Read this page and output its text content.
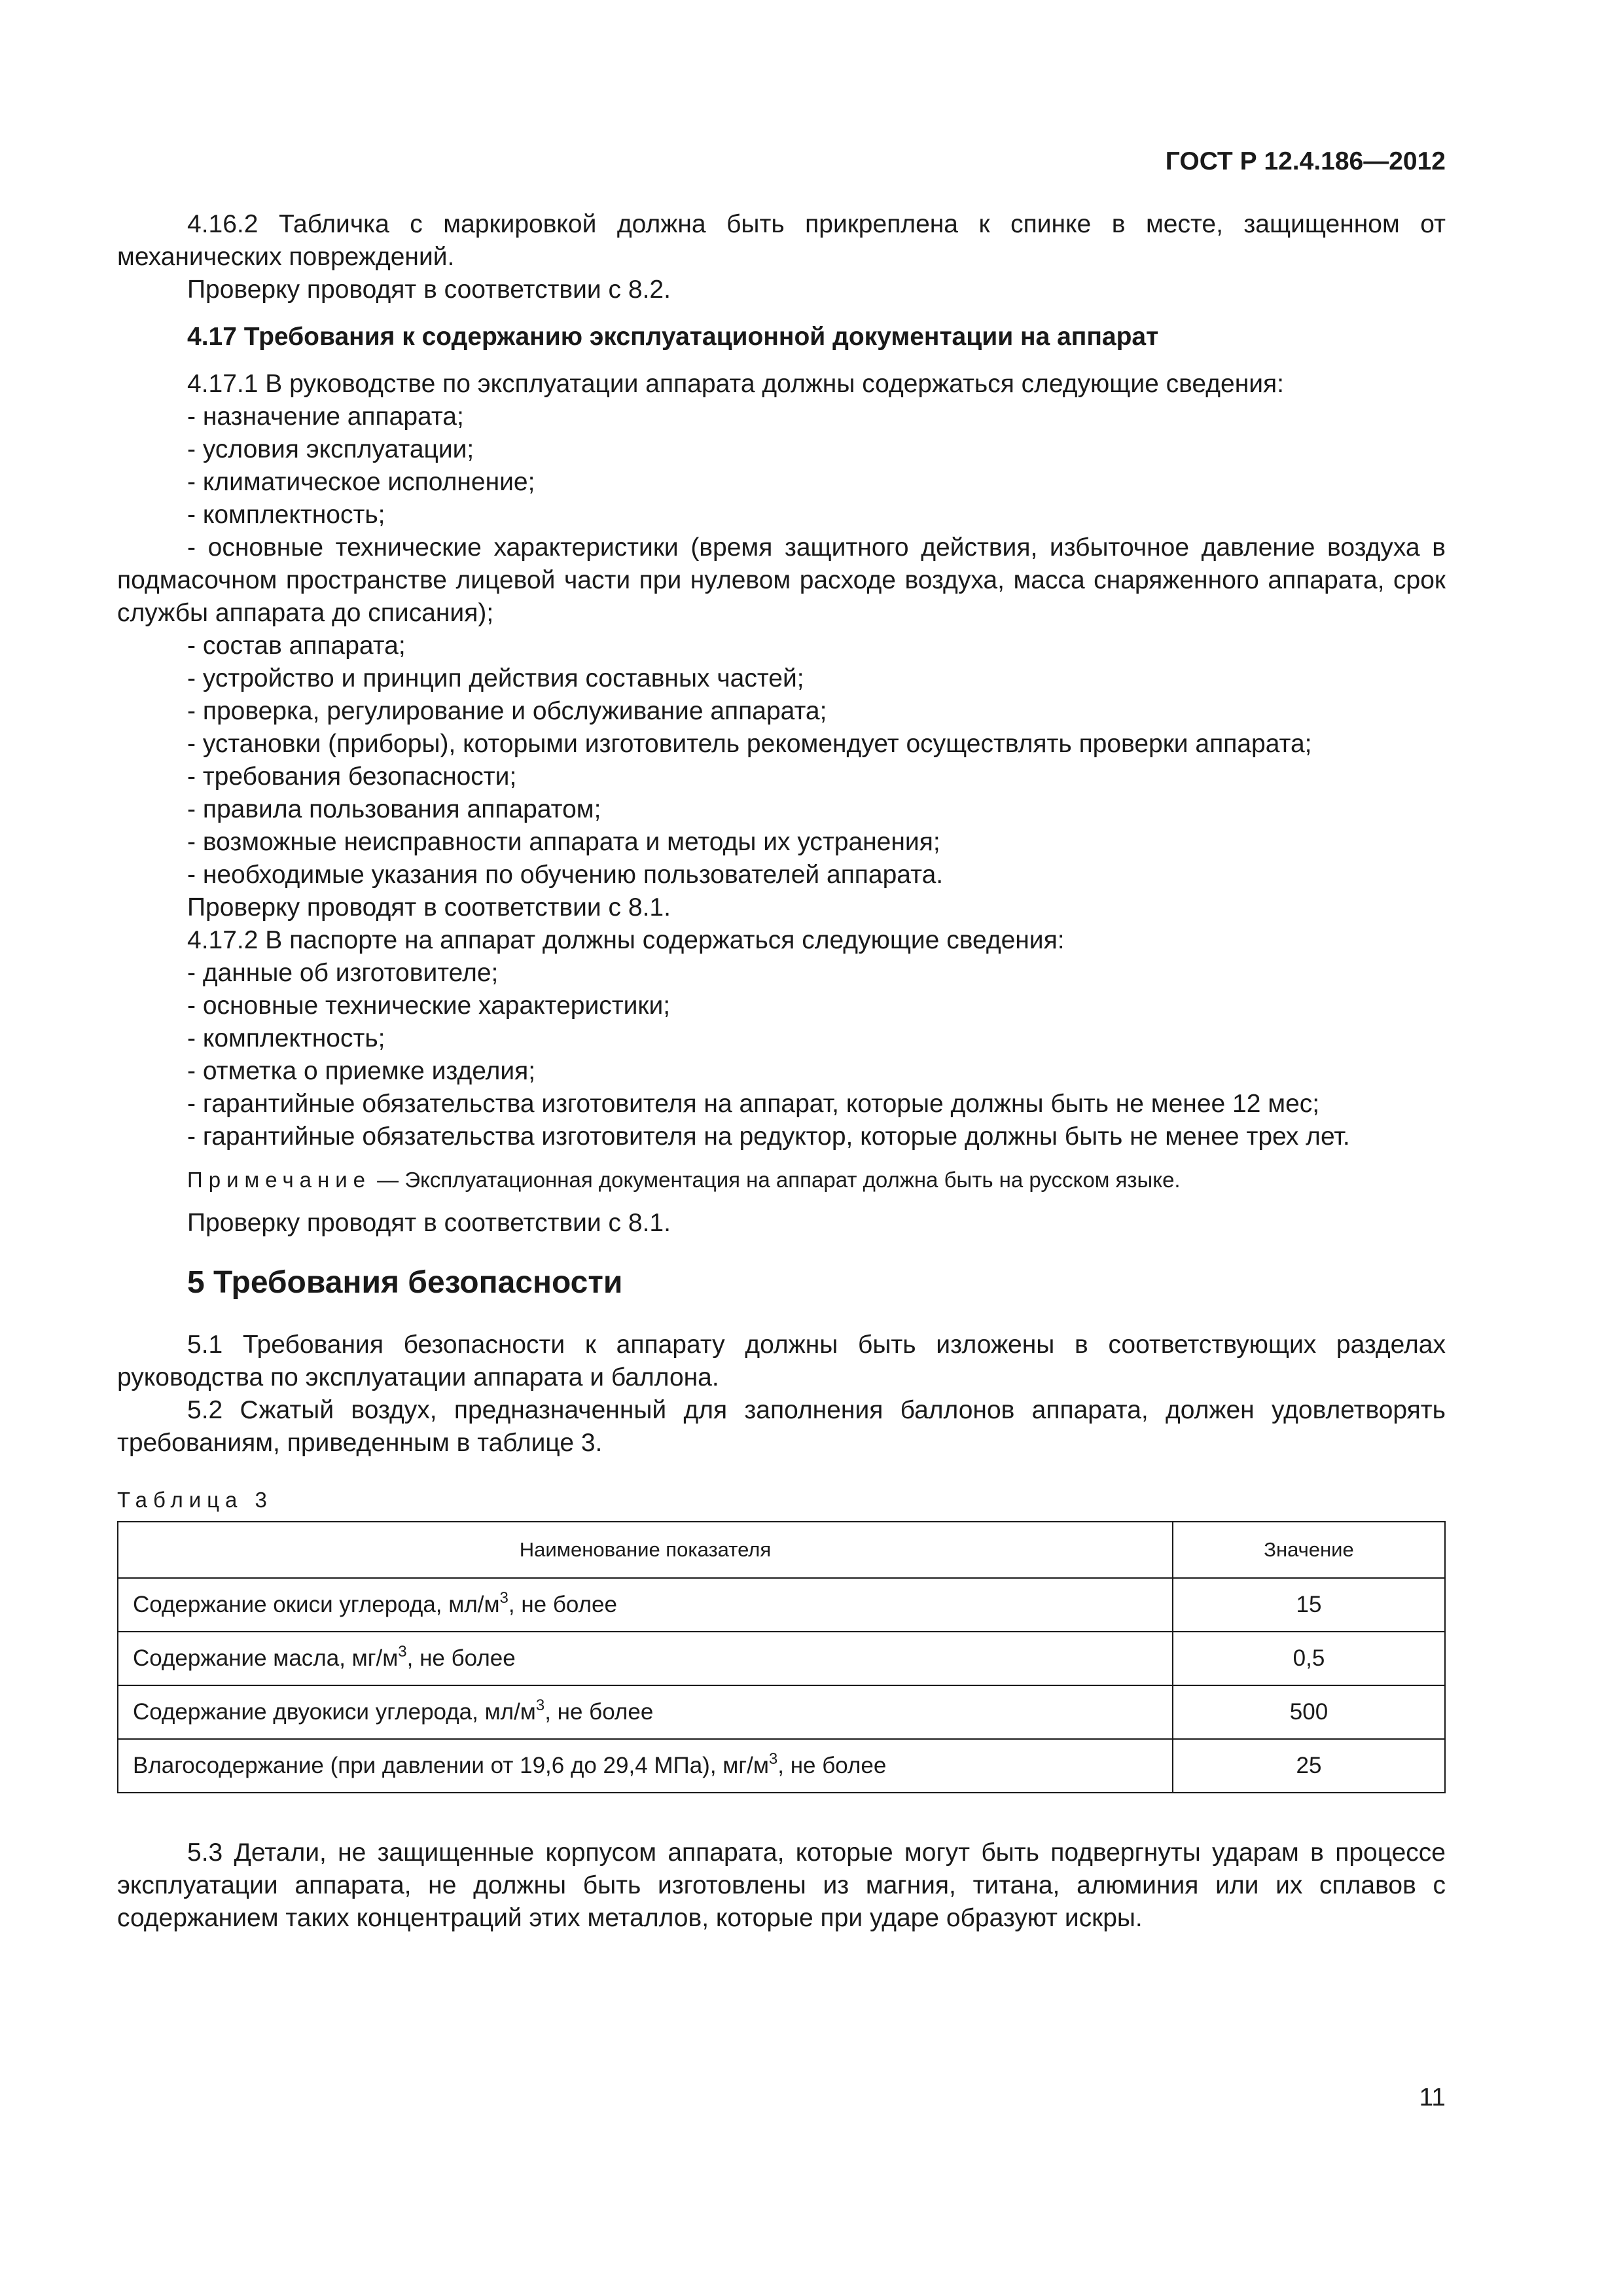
ГОСТ Р 12.4.186—2012

4.16.2 Табличка с маркировкой должна быть прикреплена к спинке в месте, защищенном от механических повреждений.

Проверку проводят в соответствии с 8.2.

4.17 Требования к содержанию эксплуатационной документации на аппарат

4.17.1 В руководстве по эксплуатации аппарата должны содержаться следующие сведения:

- назначение аппарата;

- условия эксплуатации;

- климатическое исполнение;

- комплектность;

- основные технические характеристики (время защитного действия, избыточное давление воздуха в подмасочном пространстве лицевой части при нулевом расходе воздуха, масса снаряженного аппарата, срок службы аппарата до списания);

- состав аппарата;

- устройство и принцип действия составных частей;

- проверка, регулирование и обслуживание аппарата;

- установки (приборы), которыми изготовитель рекомендует осуществлять проверки аппарата;

- требования безопасности;

- правила пользования аппаратом;

- возможные неисправности аппарата и методы их устранения;

- необходимые указания по обучению пользователей аппарата.

Проверку проводят в соответствии с 8.1.

4.17.2 В паспорте на аппарат должны содержаться следующие сведения:

- данные об изготовителе;

- основные технические характеристики;

- комплектность;

- отметка о приемке изделия;

- гарантийные обязательства изготовителя на аппарат, которые должны быть не менее 12 мес;

- гарантийные обязательства изготовителя на редуктор, которые должны быть не менее трех лет.

Примечание — Эксплуатационная документация на аппарат должна быть на русском языке.

Проверку проводят в соответствии с 8.1.

5 Требования безопасности

5.1 Требования безопасности к аппарату должны быть изложены в соответствующих разделах руководства по эксплуатации аппарата и баллона.

5.2 Сжатый воздух, предназначенный для заполнения баллонов аппарата, должен удовлетворять требованиям, приведенным в таблице 3.

Таблица 3

Наименование показателя	Значение
Содержание окиси углерода, $мл/м^3$, не более	15
Содержание масла, $мг/м^3$, не более	0,5
Содержание двуокиси углерода, $мл/м^3$, не более	500
Влагосодержание (при давлении от 19,6 до 29,4 МПа), $мг/м^3$, не более	25

5.3 Детали, не защищенные корпусом аппарата, которые могут быть подвергнуты ударам в процессе эксплуатации аппарата, не должны быть изготовлены из магния, титана, алюминия или их сплавов с содержанием таких концентраций этих металлов, которые при ударе образуют искры.

11
